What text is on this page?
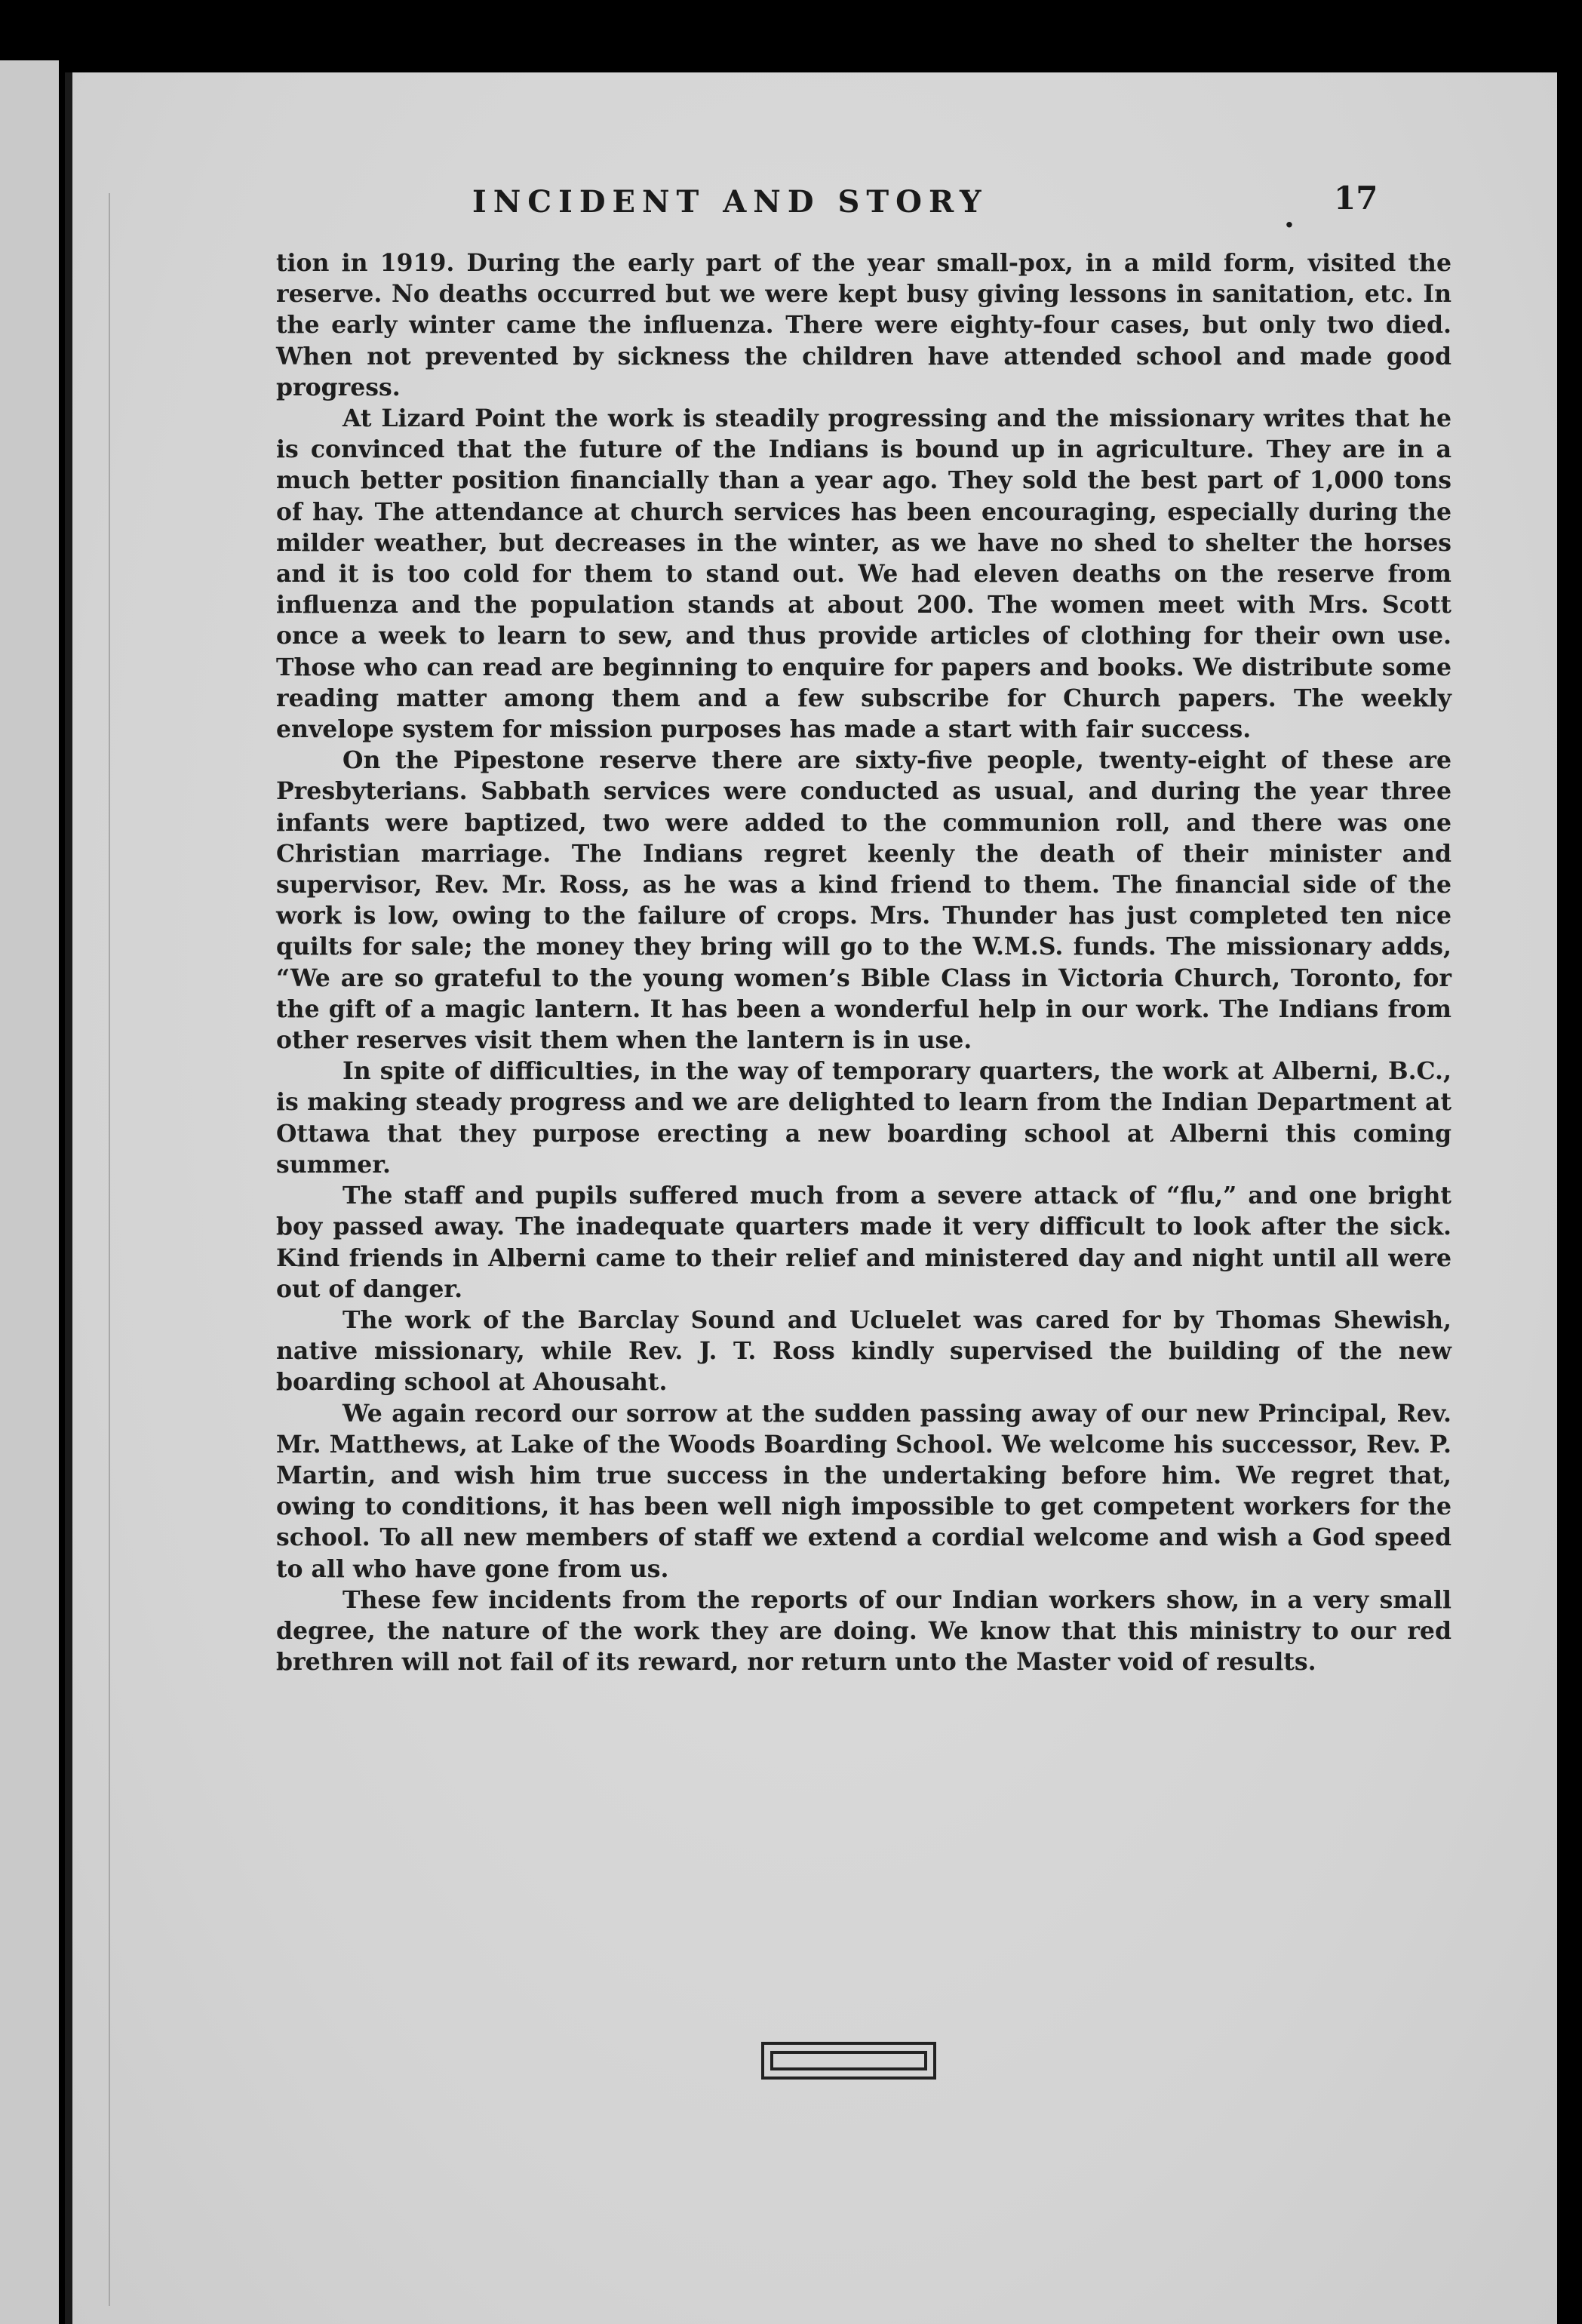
INCIDENT AND STORY	.
17

tion in 1919. During the early part of the year small-pox, in a mild form, visited the reserve. No deaths occurred but we were kept busy giving lessons in sanitation, etc. In the early winter came the influenza. There were eighty-four cases, but only two died. When not prevented by sickness the children have attended school and made good progress.

At Lizard Point the work is steadily progressing and the missionary writes that he is convinced that the future of the Indians is bound up in agriculture. They are in a much better position financially than a year ago. They sold the best part of 1,000 tons of hay. The attendance at church services has been encouraging, especially during the milder weather, but decreases in the winter, as we have no shed to shelter the horses and it is too cold for them to stand out. We had eleven deaths on the reserve from influenza and the population stands at about 200. The women meet with Mrs. Scott once a week to learn to sew, and thus provide articles of clothing for their own use. Those who can read are beginning to enquire for papers and books. We distribute some reading matter among them and a few subscribe for Church papers. The weekly envelope system for mission purposes has made a start with fair success.

On the Pipestone reserve there are sixty-five people, twenty-eight of these are Presbyterians. Sabbath services were conducted as usual, and during the year three infants were baptized, two were added to the communion roll, and there was one Christian marriage. The Indians regret keenly the death of their minister and supervisor, Rev. Mr. Ross, as he was a kind friend to them. The financial side of the work is low, owing to the failure of crops. Mrs. Thunder has just completed ten nice quilts for sale; the money they bring will go to the W.M.S. funds. The missionary adds, “We are so grateful to the young women’s Bible Class in Victoria Church, Toronto, for the gift of a magic lantern. It has been a wonderful help in our work. The Indians from other reserves visit them when the lantern is in use.

In spite of difficulties, in the way of temporary quarters, the work at Alberni, B.C., is making steady progress and we are delighted to learn from the Indian Department at Ottawa that they purpose erecting a new boarding school at Alberni this coming summer.

The staff and pupils suffered much from a severe attack of “flu,” and one bright boy passed away. The inadequate quarters made it very difficult to look after the sick. Kind friends in Alberni came to their relief and ministered day and night until all were out of danger.

The work of the Barclay Sound and Ucluelet was cared for by Thomas Shewish, native missionary, while Rev. J. T. Ross kindly supervised the building of the new boarding school at Ahousaht.

We again record our sorrow at the sudden passing away of our new Principal, Rev. Mr. Matthews, at Lake of the Woods Boarding School. We welcome his successor, Rev. P. Martin, and wish him true success in the undertaking before him. We regret that, owing to conditions, it has been well nigh impossible to get competent workers for the school. To all new members of staff we extend a cordial welcome and wish a God speed to all who have gone from us.

These few incidents from the reports of our Indian workers show, in a very small degree, the nature of the work they are doing. We know that this ministry to our red brethren will not fail of its reward, nor return unto the Master void of results.
